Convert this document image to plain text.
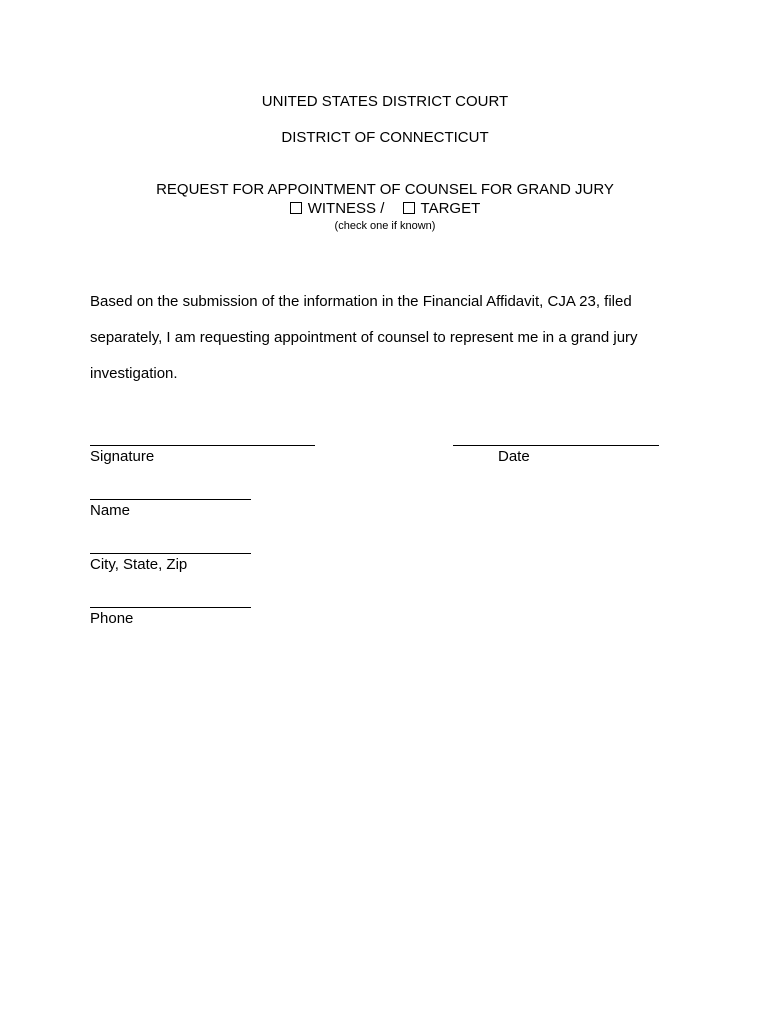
UNITED STATES DISTRICT COURT
DISTRICT OF CONNECTICUT
REQUEST FOR APPOINTMENT OF COUNSEL FOR GRAND JURY
WITNESS / TARGET
(check one if known)
Based on the submission of the information in the Financial Affidavit, CJA 23, filed separately, I am requesting appointment of counsel to represent me in a grand jury investigation.
Signature	Date
Name
City, State, Zip
Phone
